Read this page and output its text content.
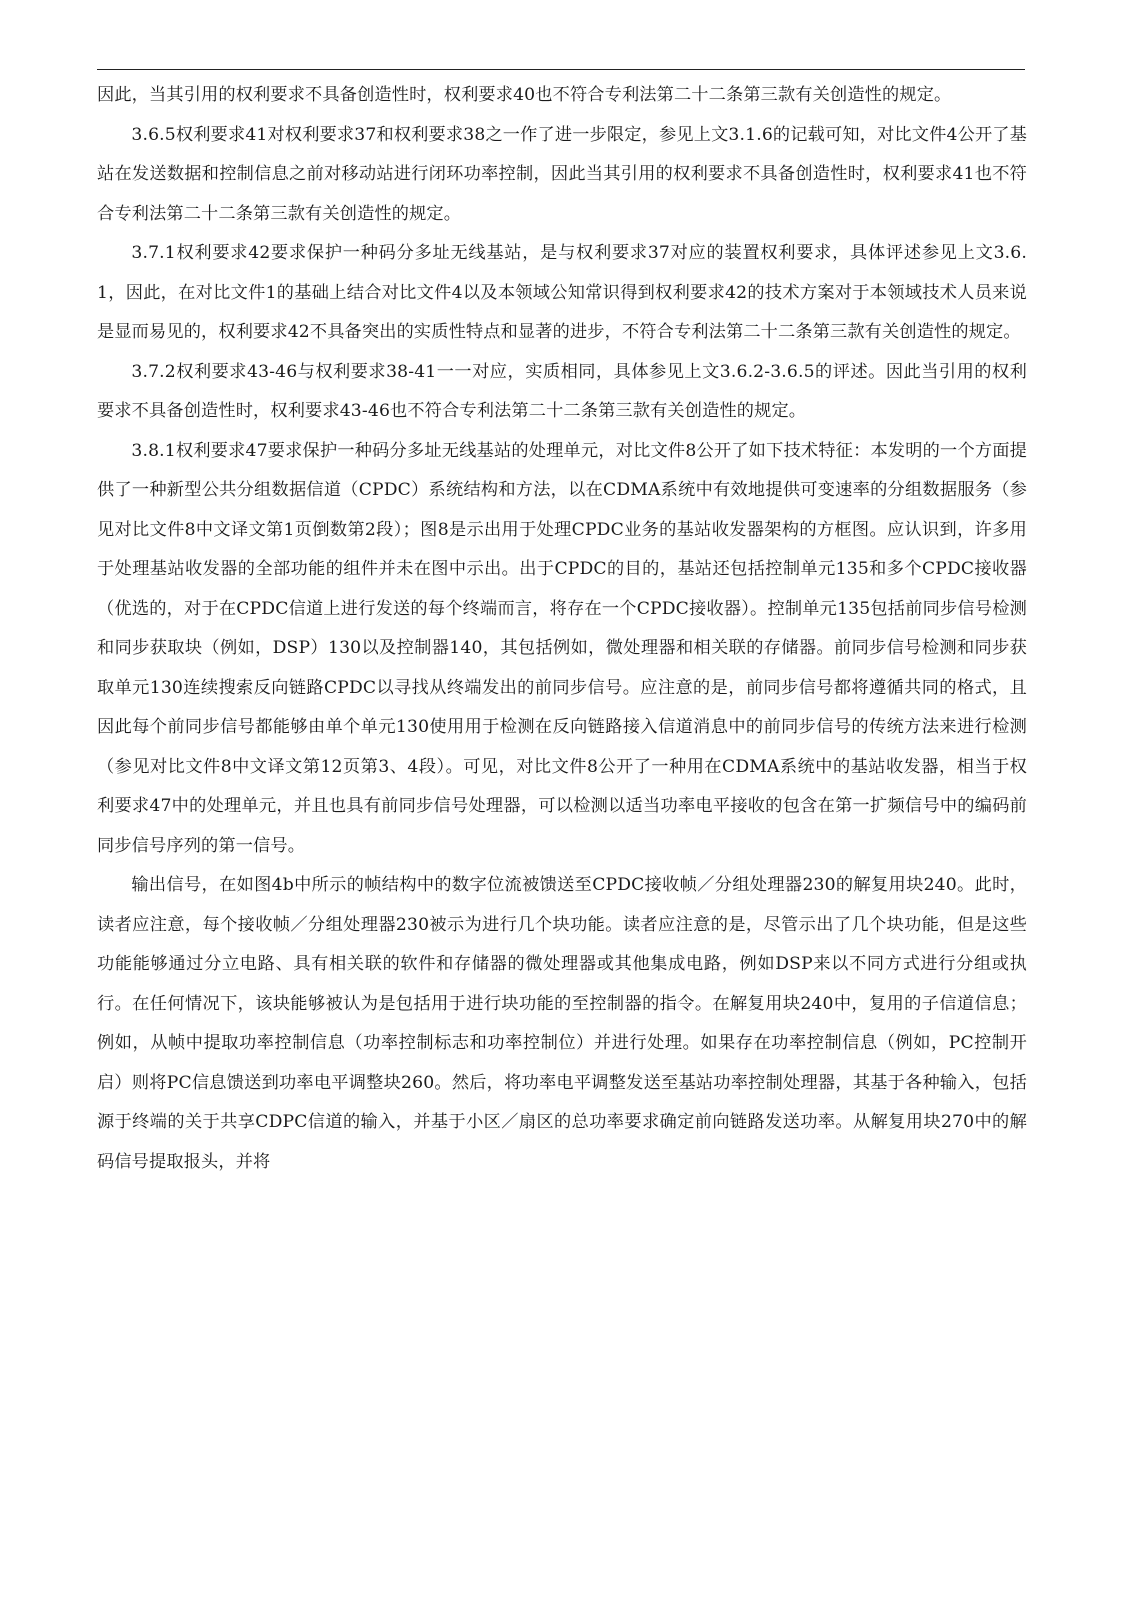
因此，当其引用的权利要求不具备创造性时，权利要求40也不符合专利法第二十二条第三款有关创造性的规定。

3.6.5权利要求41对权利要求37和权利要求38之一作了进一步限定，参见上文3.1.6的记载可知，对比文件4公开了基站在发送数据和控制信息之前对移动站进行闭环功率控制，因此当其引用的权利要求不具备创造性时，权利要求41也不符合专利法第二十二条第三款有关创造性的规定。

3.7.1权利要求42要求保护一种码分多址无线基站，是与权利要求37对应的装置权利要求，具体评述参见上文3.6.1，因此，在对比文件1的基础上结合对比文件4以及本领域公知常识得到权利要求42的技术方案对于本领域技术人员来说是显而易见的，权利要求42不具备突出的实质性特点和显著的进步，不符合专利法第二十二条第三款有关创造性的规定。

3.7.2权利要求43-46与权利要求38-41一一对应，实质相同，具体参见上文3.6.2-3.6.5的评述。因此当引用的权利要求不具备创造性时，权利要求43-46也不符合专利法第二十二条第三款有关创造性的规定。

3.8.1权利要求47要求保护一种码分多址无线基站的处理单元，对比文件8公开了如下技术特征：本发明的一个方面提供了一种新型公共分组数据信道（CPDC）系统结构和方法，以在CDMA系统中有效地提供可变速率的分组数据服务（参见对比文件8中文译文第1页倒数第2段）；图8是示出用于处理CPDC业务的基站收发器架构的方框图。应认识到，许多用于处理基站收发器的全部功能的组件并未在图中示出。出于CPDC的目的，基站还包括控制单元135和多个CPDC接收器（优选的，对于在CPDC信道上进行发送的每个终端而言，将存在一个CPDC接收器）。控制单元135包括前同步信号检测和同步获取块（例如，DSP）130以及控制器140，其包括例如，微处理器和相关联的存储器。前同步信号检测和同步获取单元130连续搜索反向链路CPDC以寻找从终端发出的前同步信号。应注意的是，前同步信号都将遵循共同的格式，且因此每个前同步信号都能够由单个单元130使用用于检测在反向链路接入信道消息中的前同步信号的传统方法来进行检测（参见对比文件8中文译文第12页第3、4段）。可见，对比文件8公开了一种用在CDMA系统中的基站收发器，相当于权利要求47中的处理单元，并且也具有前同步信号处理器，可以检测以适当功率电平接收的包含在第一扩频信号中的编码前同步信号序列的第一信号。

输出信号，在如图4b中所示的帧结构中的数字位流被馈送至CPDC接收帧／分组处理器230的解复用块240。此时，读者应注意，每个接收帧／分组处理器230被示为进行几个块功能。读者应注意的是，尽管示出了几个块功能，但是这些功能能够通过分立电路、具有相关联的软件和存储器的微处理器或其他集成电路，例如DSP来以不同方式进行分组或执行。在任何情况下，该块能够被认为是包括用于进行块功能的至控制器的指令。在解复用块240中，复用的子信道信息；例如，从帧中提取功率控制信息（功率控制标志和功率控制位）并进行处理。如果存在功率控制信息（例如，PC控制开启）则将PC信息馈送到功率电平调整块260。然后，将功率电平调整发送至基站功率控制处理器，其基于各种输入，包括源于终端的关于共享CDPC信道的输入，并基于小区／扇区的总功率要求确定前向链路发送功率。从解复用块270中的解码信号提取报头，并将
